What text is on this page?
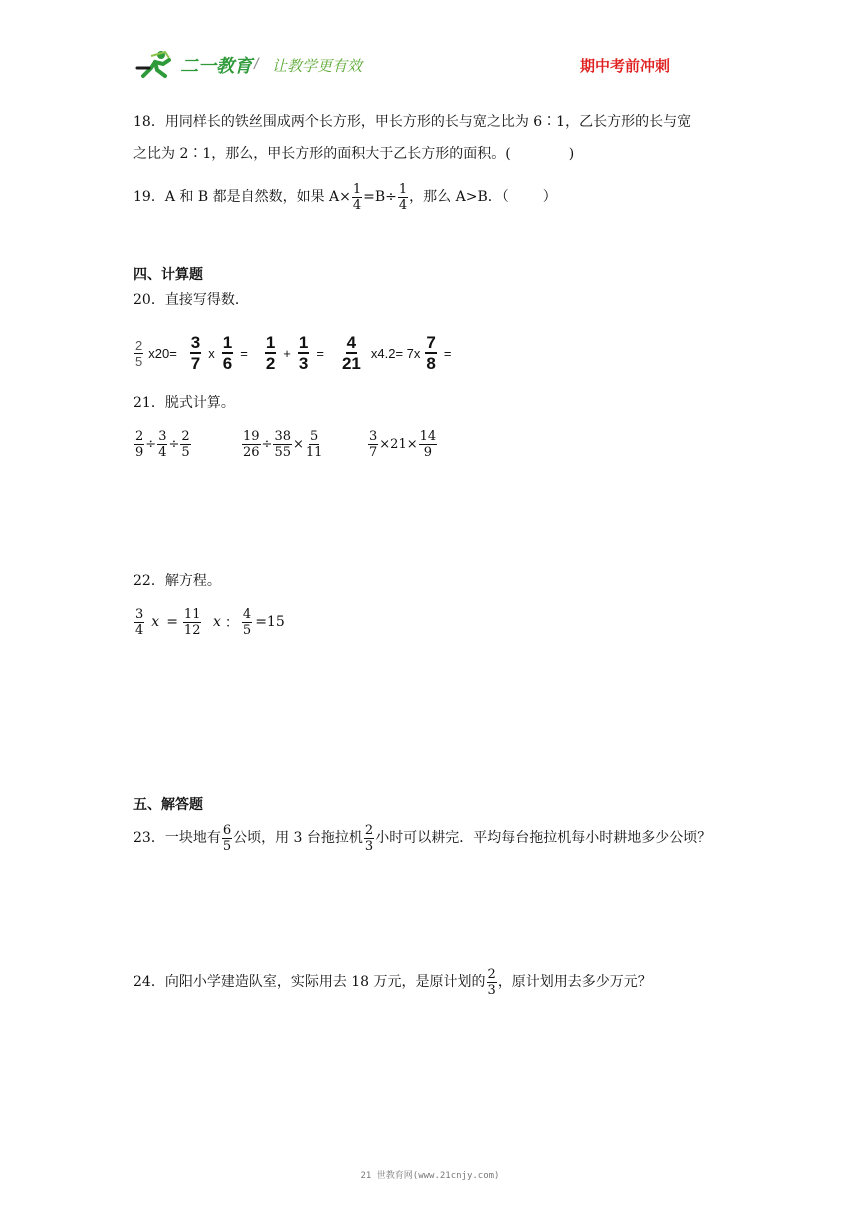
二一教育 / 让教学更有效	期中考前冲刺
18．用同样长的铁丝围成两个长方形，甲长方形的长与宽之比为 6∶1，乙长方形的长与宽
之比为 2∶1，那么，甲长方形的面积大于乙长方形的面积。(	)
19．A 和 B 都是自然数，如果 $A\times \frac{1}{4} =B\div \frac{1}{4}$ ，那么 A>B．（ ）
四、计算题
20．直接写得数．
$\frac{2}{5} x20= \frac{3}{7}$ x $\frac{1}{6} = \frac{1}{2} + \frac{1}{3} = \frac{4}{21} x4.2= 7x \frac{7}{8}$ =
21．脱式计算。
$\frac{2}{9} \div \frac{3}{4} \div \frac{2}{5}$	$\frac{19}{26} \div \frac{38}{55} \times \frac{5}{11}$	$\frac{3}{7} \times 21\times \frac{14}{9}$
22．解方程。
$\frac{3}{4}$ $x = \frac{11}{12}$ x ： $\frac{4}{5} =15$
五、解答题
23．一块地有 $\frac{6}{5}$ 公顷，用 3 台拖拉机 $\frac{2}{3}$ 小时可以耕完．平均每台拖拉机每小时耕地多少公顷？
24．向阳小学建造队室，实际用去 18 万元，是原计划的 $\frac{2}{3}$ ，原计划用去多少万元？
21 世教育网(www.21cnjy.com)
